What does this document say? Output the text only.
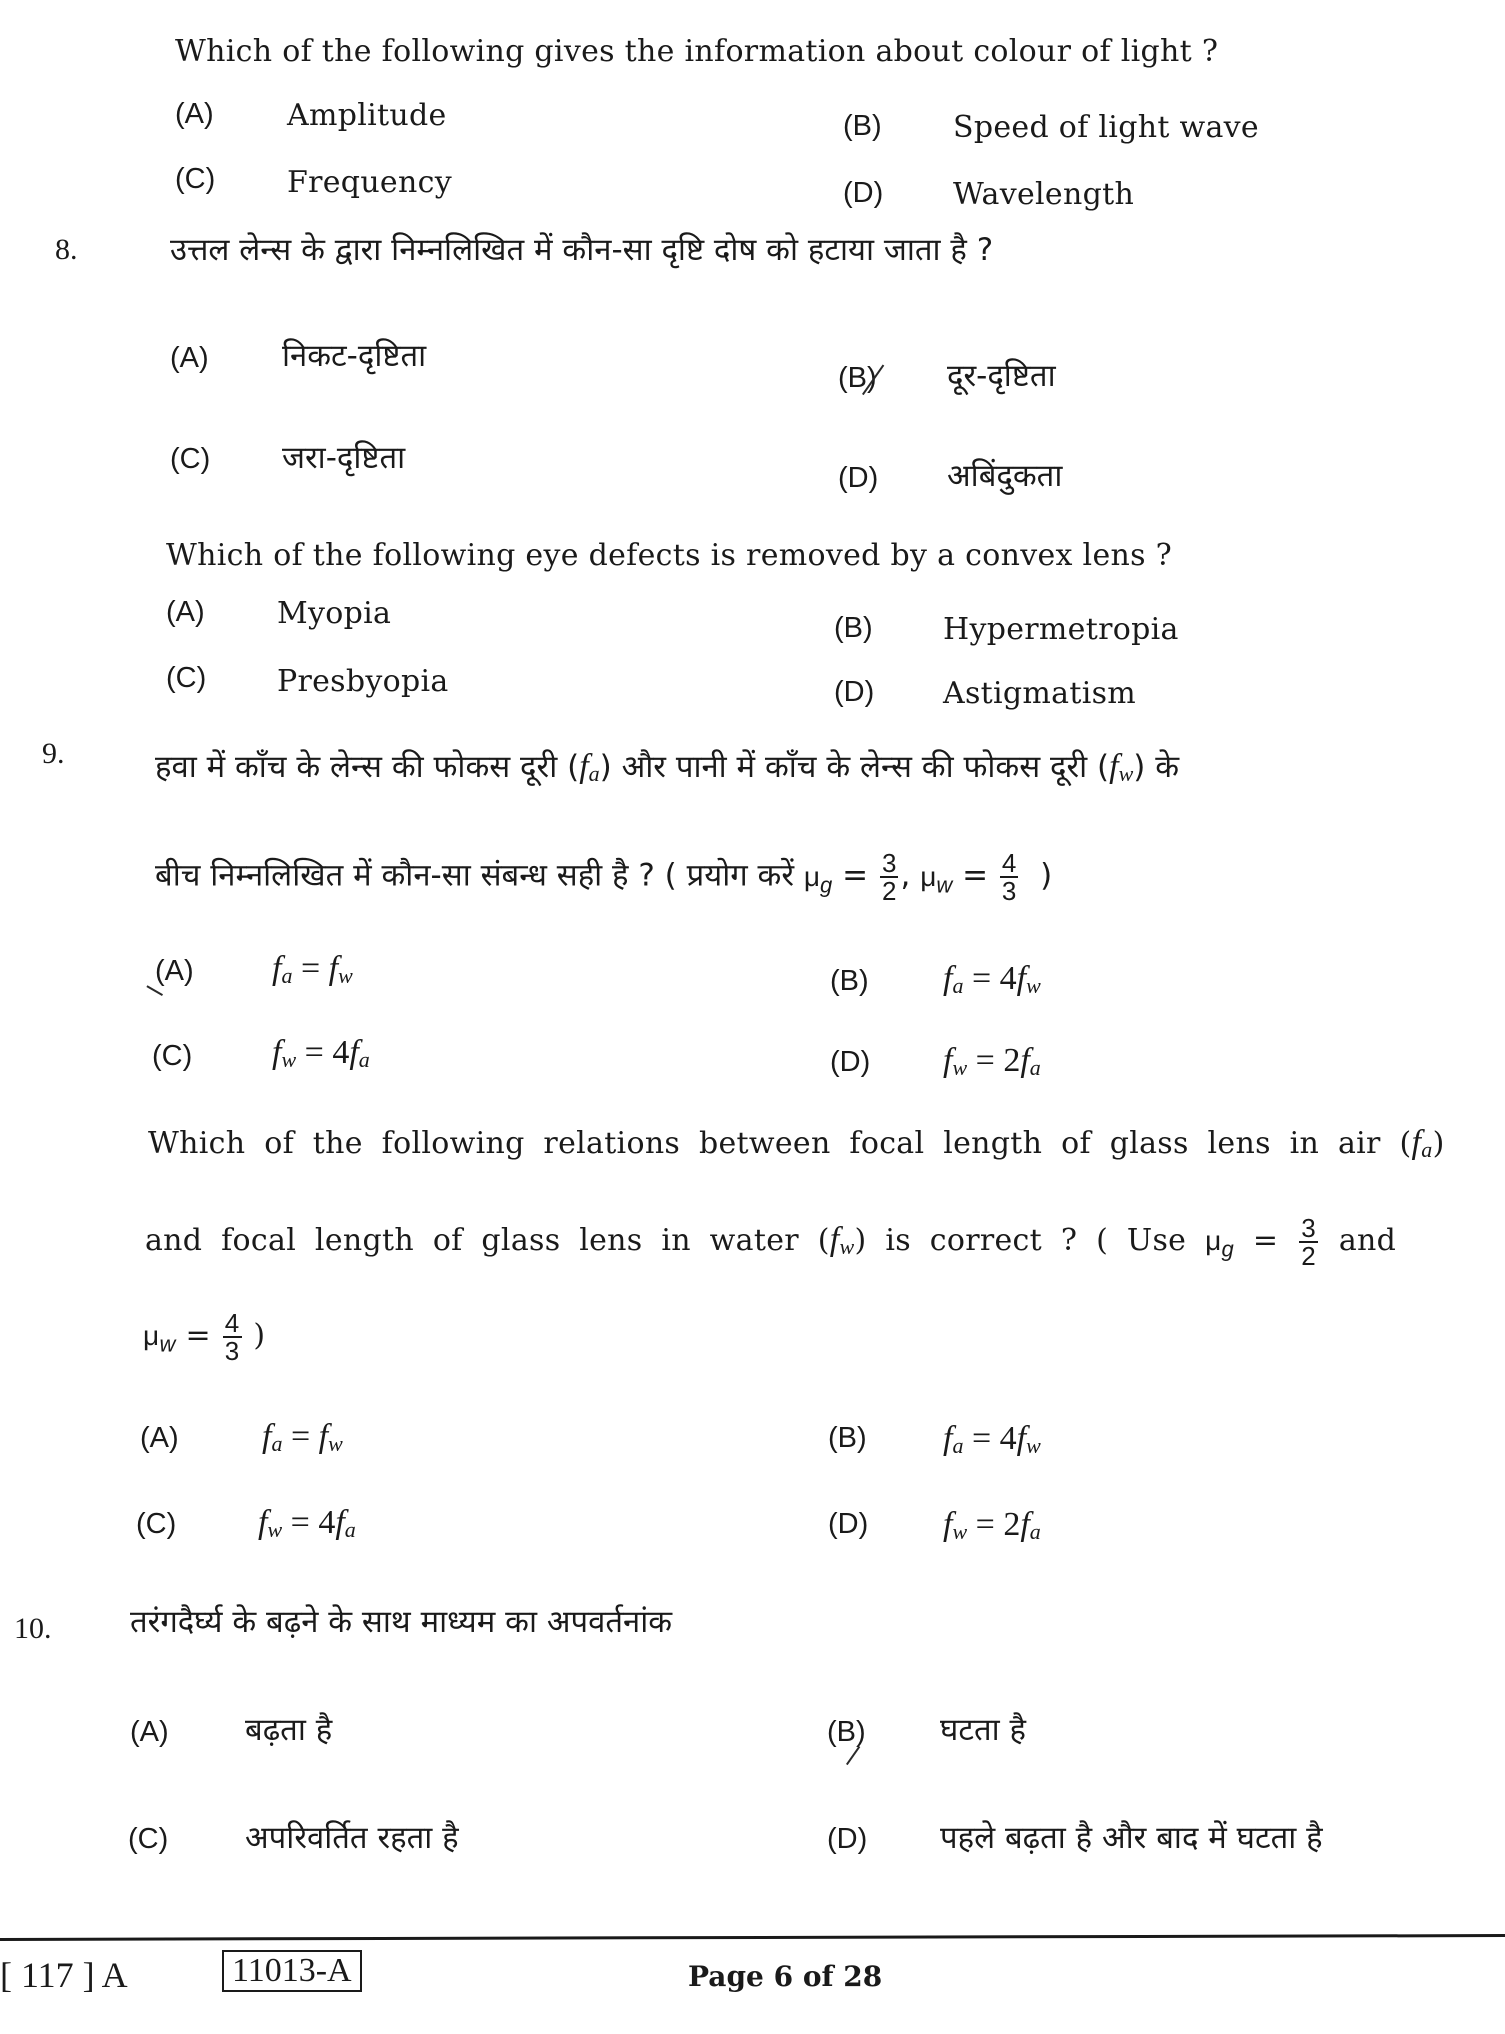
Which of the following gives the information about colour of light ?
(A) Amplitude	(B) Speed of light wave
(C) Frequency	(D) Wavelength
8.	उत्तल लेन्स के द्वारा निम्नलिखित में कौन-सा दृष्टि दोष को हटाया जाता है ?
(A) निकट-दृष्टिता
(B) दूर-दृष्टिता
(C) जरा-दृष्टिता
(D) अबिंदुकता
Which of the following eye defects is removed by a convex lens ?
(A) Myopia	(B) Hypermetropia
(C) Presbyopia	(D) Astigmatism
9.	हवा में काँच के लेन्स की फोकस दूरी $(f_a)$ और पानी में काँच के लेन्स की फोकस दूरी $(f_w)$ के
बीच निम्नलिखित में कौन-सा संबन्ध सही है ? ( प्रयोग करें $\mu_g = \frac{3}{2}$ , $\mu_w = \frac{4}{3}$ )
(A) $f_a = f_w$	(B) $f_a = 4f_w$
(C) $f_w = 4f_a$	(D) $f_w = 2f_a$
Which of the following relations between focal length of glass lens in air $(f_a)$
and focal length of glass lens in water $(f_w)$ is correct ? ( Use $\mu_g = \frac{3}{2}$ and
$\mu_w = \frac{4}{3}$ )
(A) $f_a = f_w$	(B) $f_a = 4f_w$
(C) $f_w = 4f_a$	(D) $f_w = 2f_a$
10.	तरंगदैर्घ्य के बढ़ने के साथ माध्यम का अपवर्तनांक
(A) बढ़ता है	(B) घटता है
(C) अपरिवर्तित रहता है	(D) पहले बढ़ता है और बाद में घटता है
[ 117 ] A	11013-A	Page 6 of 28
